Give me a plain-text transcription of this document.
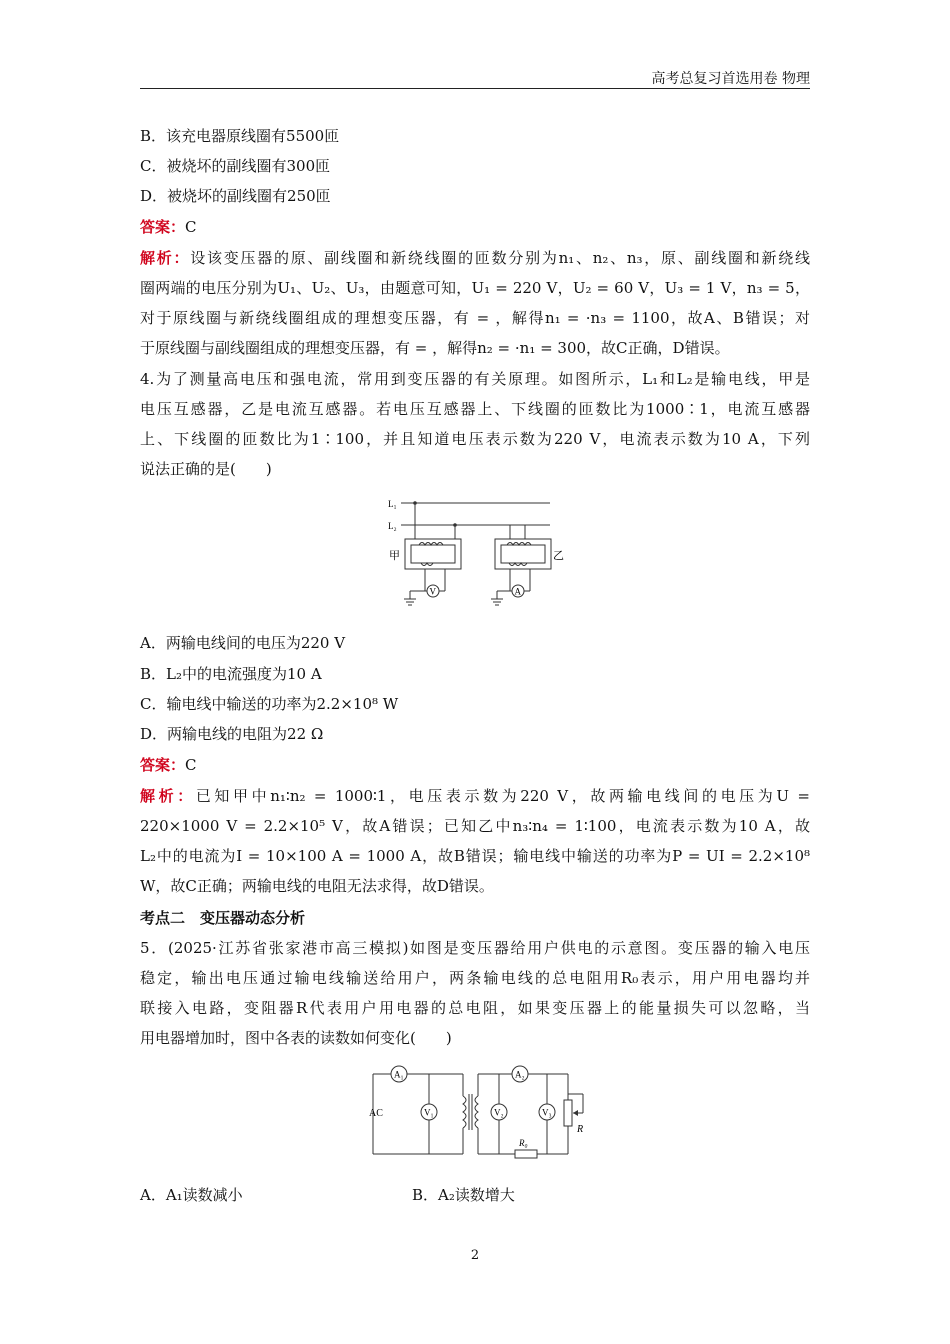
高考总复习首选用卷 物理
B．该充电器原线圈有5500匝
C．被烧坏的副线圈有300匝
D．被烧坏的副线圈有250匝
答案：C
解析：设该变压器的原、副线圈和新绕线圈的匝数分别为n₁、n₂、n₃，原、副线圈和新绕线
圈两端的电压分别为U₁、U₂、U₃，由题意可知，U₁ = 220 V，U₂ = 60 V，U₃ = 1 V，n₃ = 5，
对于原线圈与新绕线圈组成的理想变压器，有 = ，解得n₁ = ·n₃ = 1100，故A、B错误；对
于原线圈与副线圈组成的理想变压器，有 = ，解得n₂ = ·n₁ = 300，故C正确，D错误。
4.为了测量高电压和强电流，常用到变压器的有关原理。如图所示，L₁和L₂是输电线，甲是
电压互感器，乙是电流互感器。若电压互感器上、下线圈的匝数比为1000∶1，电流互感器
上、下线圈的匝数比为1∶100，并且知道电压表示数为220 V，电流表示数为10 A，下列
说法正确的是(　　)
L₁
L₂
甲	乙
V	A
A．两输电线间的电压为220 V
B．L₂中的电流强度为10 A
C．输电线中输送的功率为2.2×10⁸ W
D．两输电线的电阻为22 Ω
答案：C
解析：已知甲中n₁∶n₂ = 1000∶1，电压表示数为220 V，故两输电线间的电压为U =
220×1000 V = 2.2×10⁵ V，故A错误；已知乙中n₃∶n₄ = 1∶100，电流表示数为10 A，故
L₂中的电流为I = 10×100 A = 1000 A，故B错误；输电线中输送的功率为P = UI = 2.2×10⁸
W，故C正确；两输电线的电阻无法求得，故D错误。
考点二　变压器动态分析
5．(2025·江苏省张家港市高三模拟)如图是变压器给用户供电的示意图。变压器的输入电压
稳定，输出电压通过输电线输送给用户，两条输电线的总电阻用R₀表示，用户用电器均并
联接入电路，变阻器R代表用户用电器的总电阻，如果变压器上的能量损失可以忽略，当
用电器增加时，图中各表的读数如何变化(　　)
AC
A₁
V₁	V₂
A₂
V₃
R₀
R
A．A₁读数减小	B．A₂读数增大
2
